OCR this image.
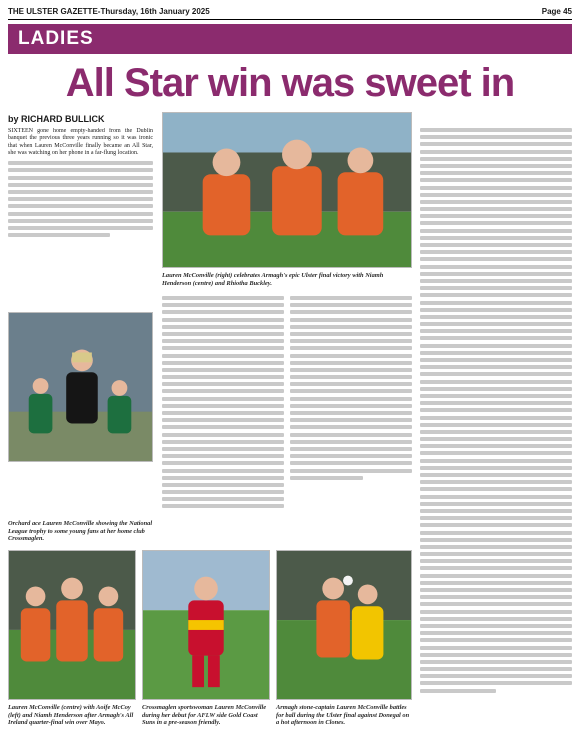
THE ULSTER GAZETTE-Thursday, 16th January 2025	Page 45
LADIES
All Star win was sweet in
by RICHARD BULLICK

SIXTEEN gone home empty-handed from the Dublin banquet the previous three years running so it was ironic that when Lauren McConville finally became an All Star, she was watching on her phone in a far-flung location.

Lauren McConville (right) celebrates Armagh's epic Ulster final victory with Niamh Henderson (centre) and Rhiotha Buckley.
Orchard ace Lauren McConville showing the National League trophy to some young fans at her home club Crossmaglen.
Lauren McConville (centre) with Aoife McCoy (left) and Niamh Henderson after Armagh's All Ireland quarter-final win over Mayo.
Crossmaglen sportswoman Lauren McConville during her debut for AFLW side Gold Coast Suns in a pre-season friendly.
Armagh stone-captain Lauren McConville battles for ball during the Ulster final against Donegal on a hot afternoon in Clones.
